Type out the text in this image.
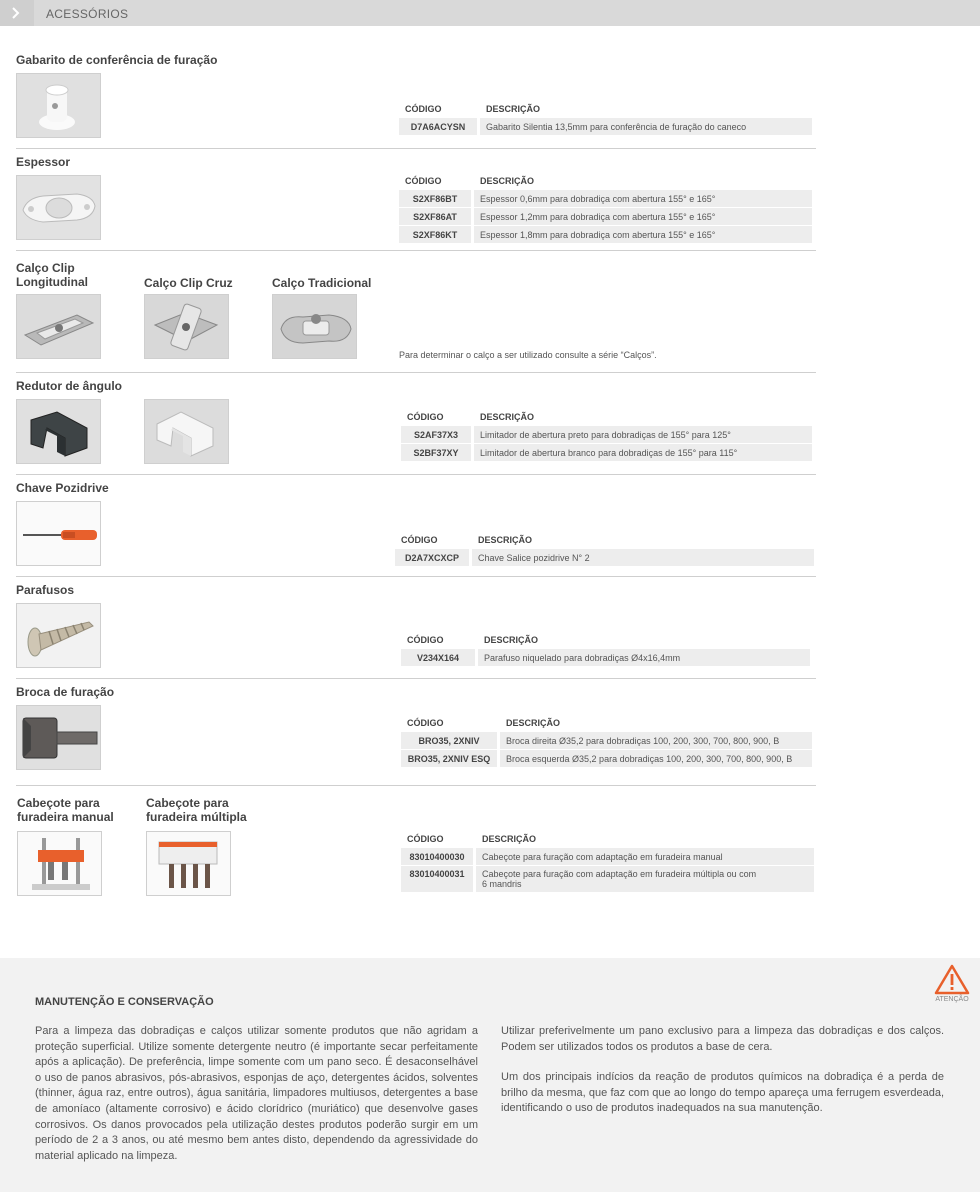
ACESSÓRIOS
Gabarito de conferência de furação
CÓDIGO	DESCRIÇÃO
D7A6ACYSN	Gabarito Silentia 13,5mm para conferência de furação do caneco
Espessor
CÓDIGO	DESCRIÇÃO
S2XF86BT	Espessor 0,6mm para dobradiça com abertura 155° e 165°
S2XF86AT	Espessor 1,2mm para dobradiça com abertura 155° e 165°
S2XF86KT	Espessor 1,8mm para dobradiça com abertura 155° e 165°
Calço Clip
Longitudinal	Calço Clip Cruz	Calço Tradicional
Para determinar o calço a ser utilizado consulte a série “Calços”.
Redutor de ângulo
CÓDIGO	DESCRIÇÃO
S2AF37X3	Limitador de abertura preto para dobradiças de 155° para 125°
S2BF37XY	Limitador de abertura branco para dobradiças de 155° para 115°
Chave Pozidrive
CÓDIGO	DESCRIÇÃO
D2A7XCXCP	Chave Salice pozidrive N° 2
Parafusos
CÓDIGO	DESCRIÇÃO
V234X164	Parafuso niquelado para dobradiças Ø4x16,4mm
Broca de furação
CÓDIGO	DESCRIÇÃO
BRO35, 2XNIV	Broca direita Ø35,2 para dobradiças 100, 200, 300, 700, 800, 900, B
BRO35, 2XNIV ESQ	Broca esquerda Ø35,2 para dobradiças 100, 200, 300, 700, 800, 900, B
Cabeçote para
furadeira manual
Cabeçote para
furadeira múltipla
CÓDIGO	DESCRIÇÃO
83010400030	Cabeçote para furação com adaptação em furadeira manual
83010400031	Cabeçote para furação com adaptação em furadeira múltipla ou com
6 mandris
MANUTENÇÃO E CONSERVAÇÃO
Para a limpeza das dobradiças e calços utilizar somente produtos que não agridam a proteção superficial. Utilize somente detergente neutro (é importante secar perfeitamente após a aplicação). De preferência, limpe somente com um pano seco. É desaconselhável o uso de panos abrasivos, pós-abrasivos, esponjas de aço, detergentes ácidos, solventes (thinner, água raz, entre outros), água sanitária, limpadores multiusos, detergentes a base de amoníaco (altamente corrosivo) e ácido clorídrico (muriático) que desenvolve gases corrosivos. Os danos provocados pela utilização destes produtos poderão surgir em um período de 2 a 3 anos, ou até mesmo bem antes disto, dependendo da agressividade do material aplicado na limpeza.
Utilizar preferivelmente um pano exclusivo para a limpeza das dobradiças e dos calços. Podem ser utilizados todos os produtos a base de cera.
Um dos principais indícios da reação de produtos químicos na dobradiça é a perda de brilho da mesma, que faz com que ao longo do tempo apareça uma ferrugem esverdeada, identificando o uso de produtos inadequados na sua manutenção.
ATENÇÃO
